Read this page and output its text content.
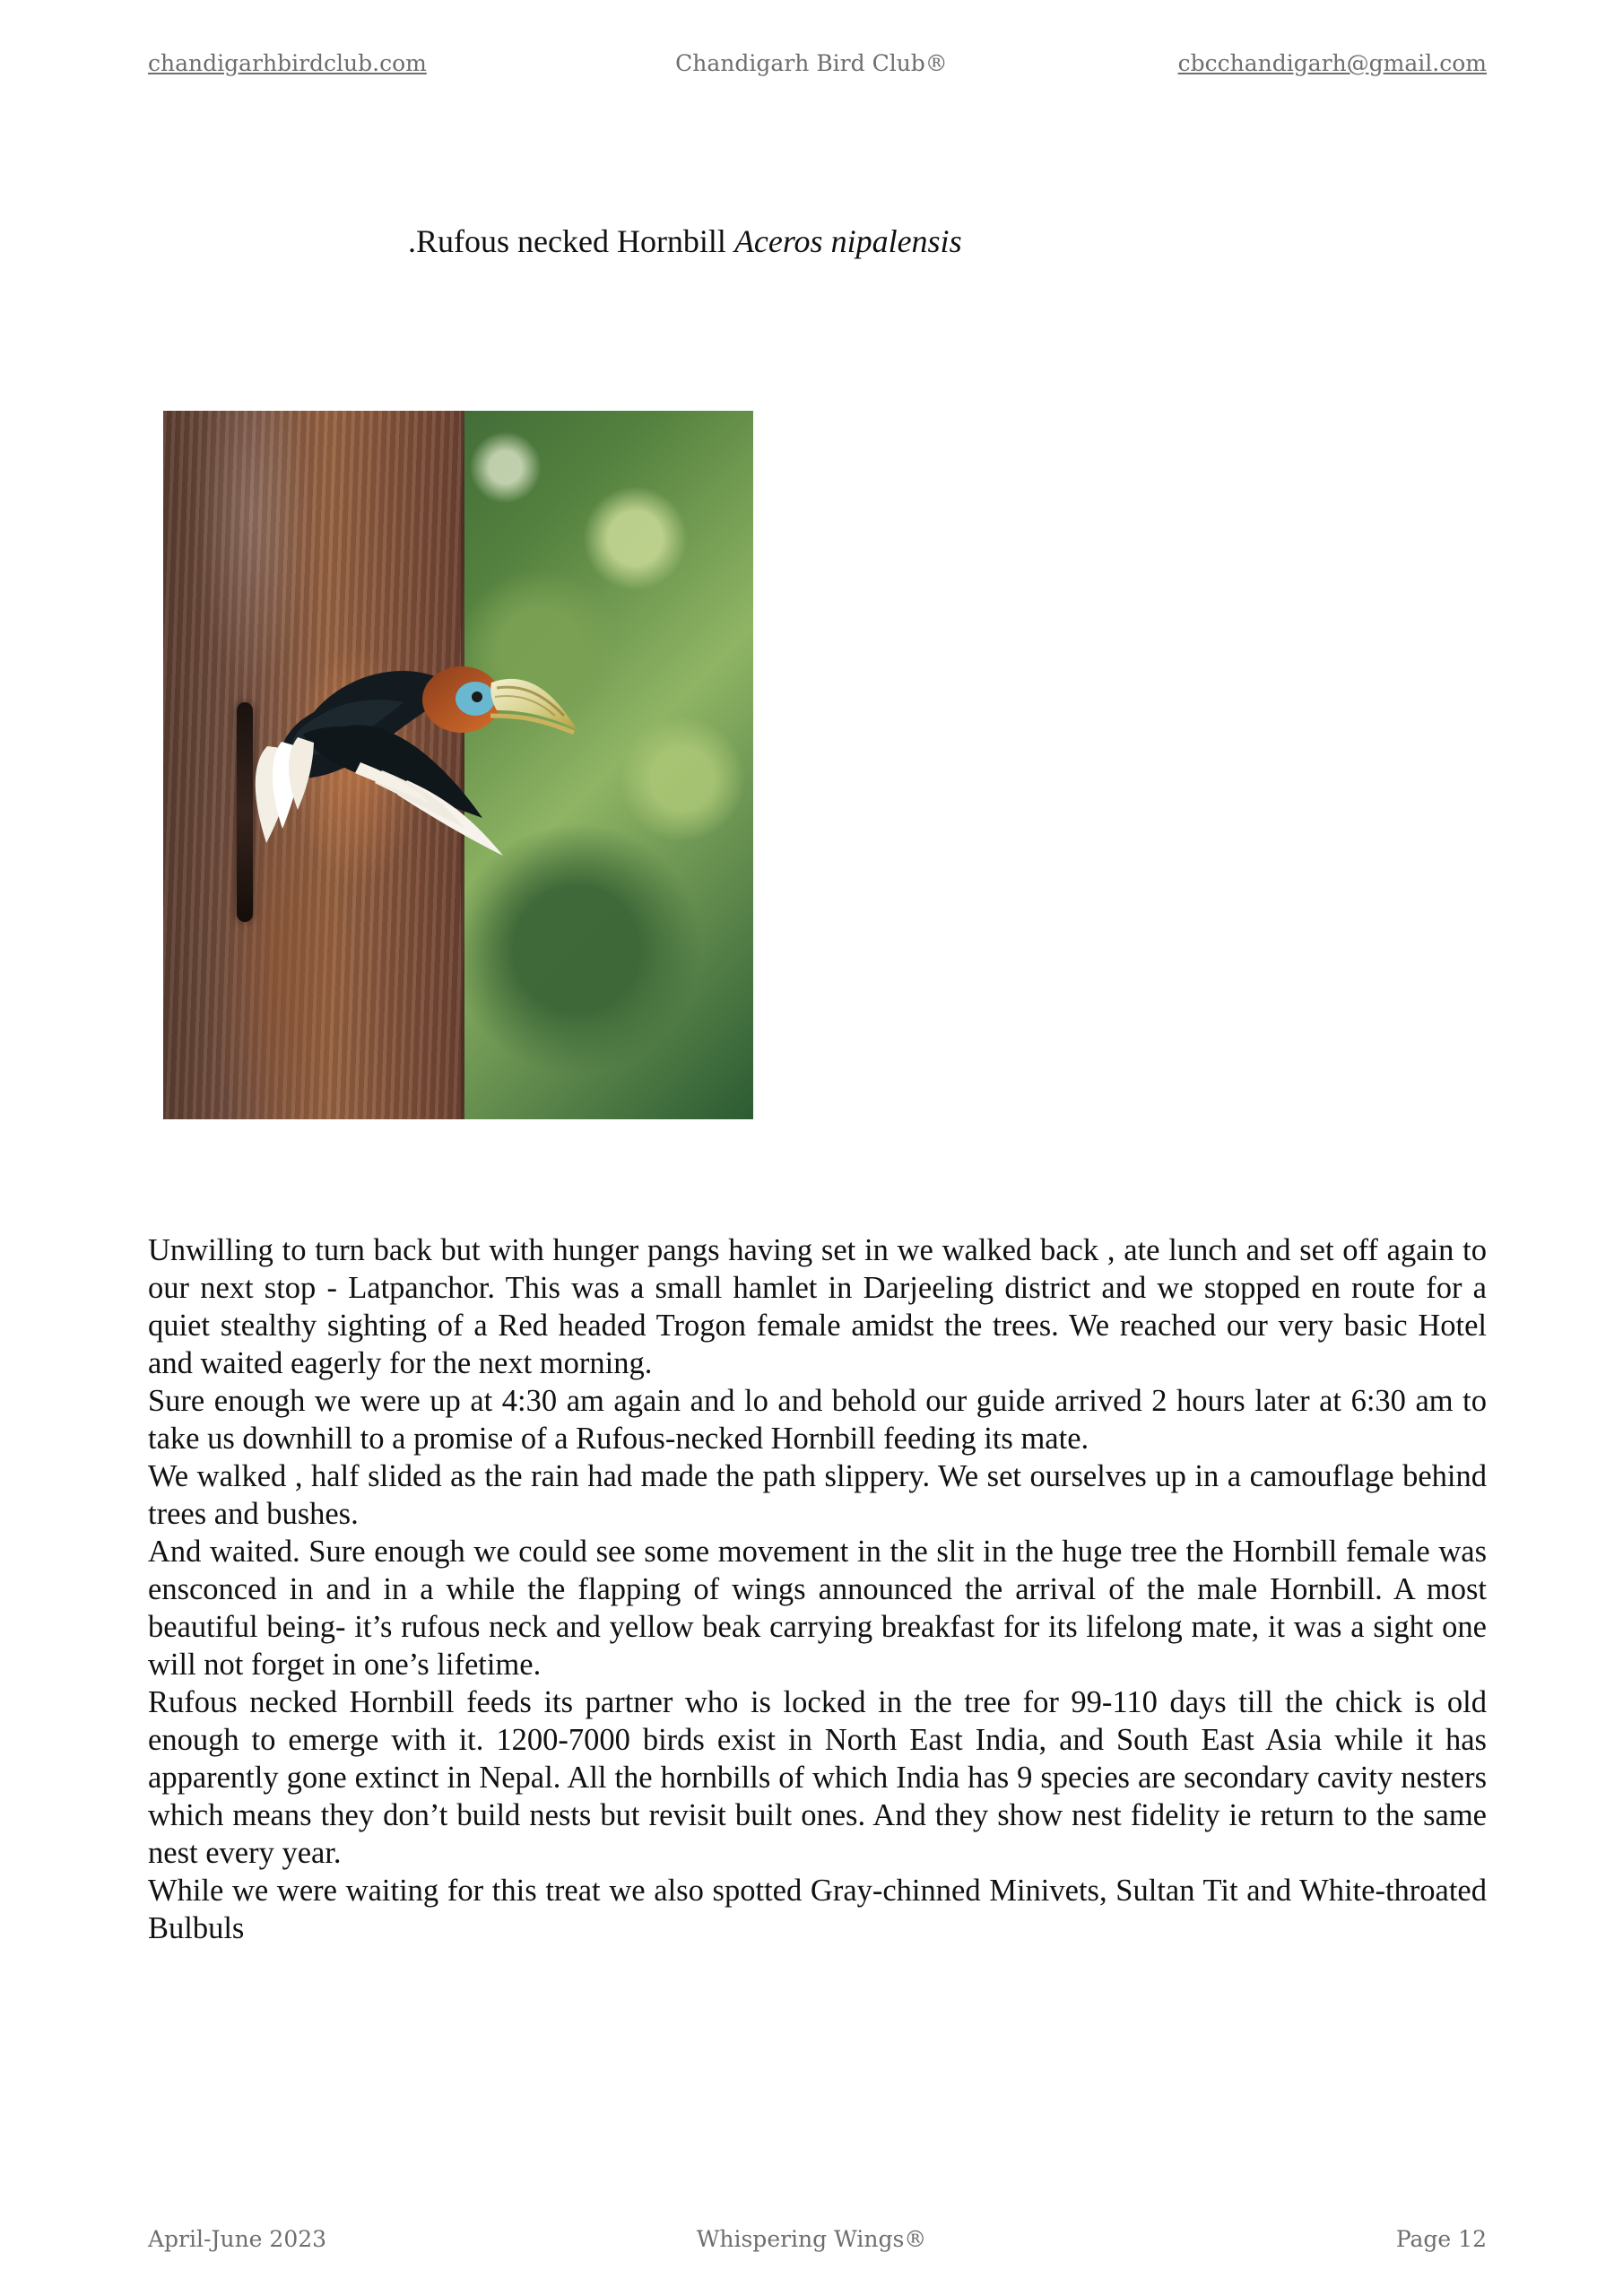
chandigarhbirdclub.com	Chandigarh Bird Club®	cbcchandigarh@gmail.com
.Rufous necked Hornbill Aceros nipalensis

Unwilling to turn back but with hunger pangs having set in we walked back , ate lunch and set off again to our next stop - Latpanchor. This was a small hamlet in Darjeeling district and we stopped en route for a quiet stealthy sighting of a Red headed Trogon female amidst the trees. We reached our very basic Hotel and waited eagerly for the next morning.

Sure enough we were up at 4:30 am again and lo and behold our guide arrived 2 hours later at 6:30 am to take us downhill to a promise of a Rufous-necked Hornbill feeding its mate.

We walked , half slided as the rain had made the path slippery. We set ourselves up in a camouflage behind trees and bushes.

And waited. Sure enough we could see some movement in the slit in the huge tree the Hornbill female was ensconced in and in a while the flapping of wings announced the arrival of the male Hornbill. A most beautiful being- it’s rufous neck and yellow beak carrying breakfast for its lifelong mate, it was a sight one will not forget in one’s lifetime.

Rufous necked Hornbill feeds its partner who is locked in the tree for 99-110 days till the chick is old enough to emerge with it. 1200-7000 birds exist in North East India, and South East Asia while it has apparently gone extinct in Nepal. All the hornbills of which India has 9 species are secondary cavity nesters which means they don’t build nests but revisit built ones. And they show nest fidelity ie return to the same nest every year.

While we were waiting for this treat we also spotted Gray-chinned Minivets, Sultan Tit and White-throated Bulbuls

April-June 2023	Whispering Wings®	Page 12
